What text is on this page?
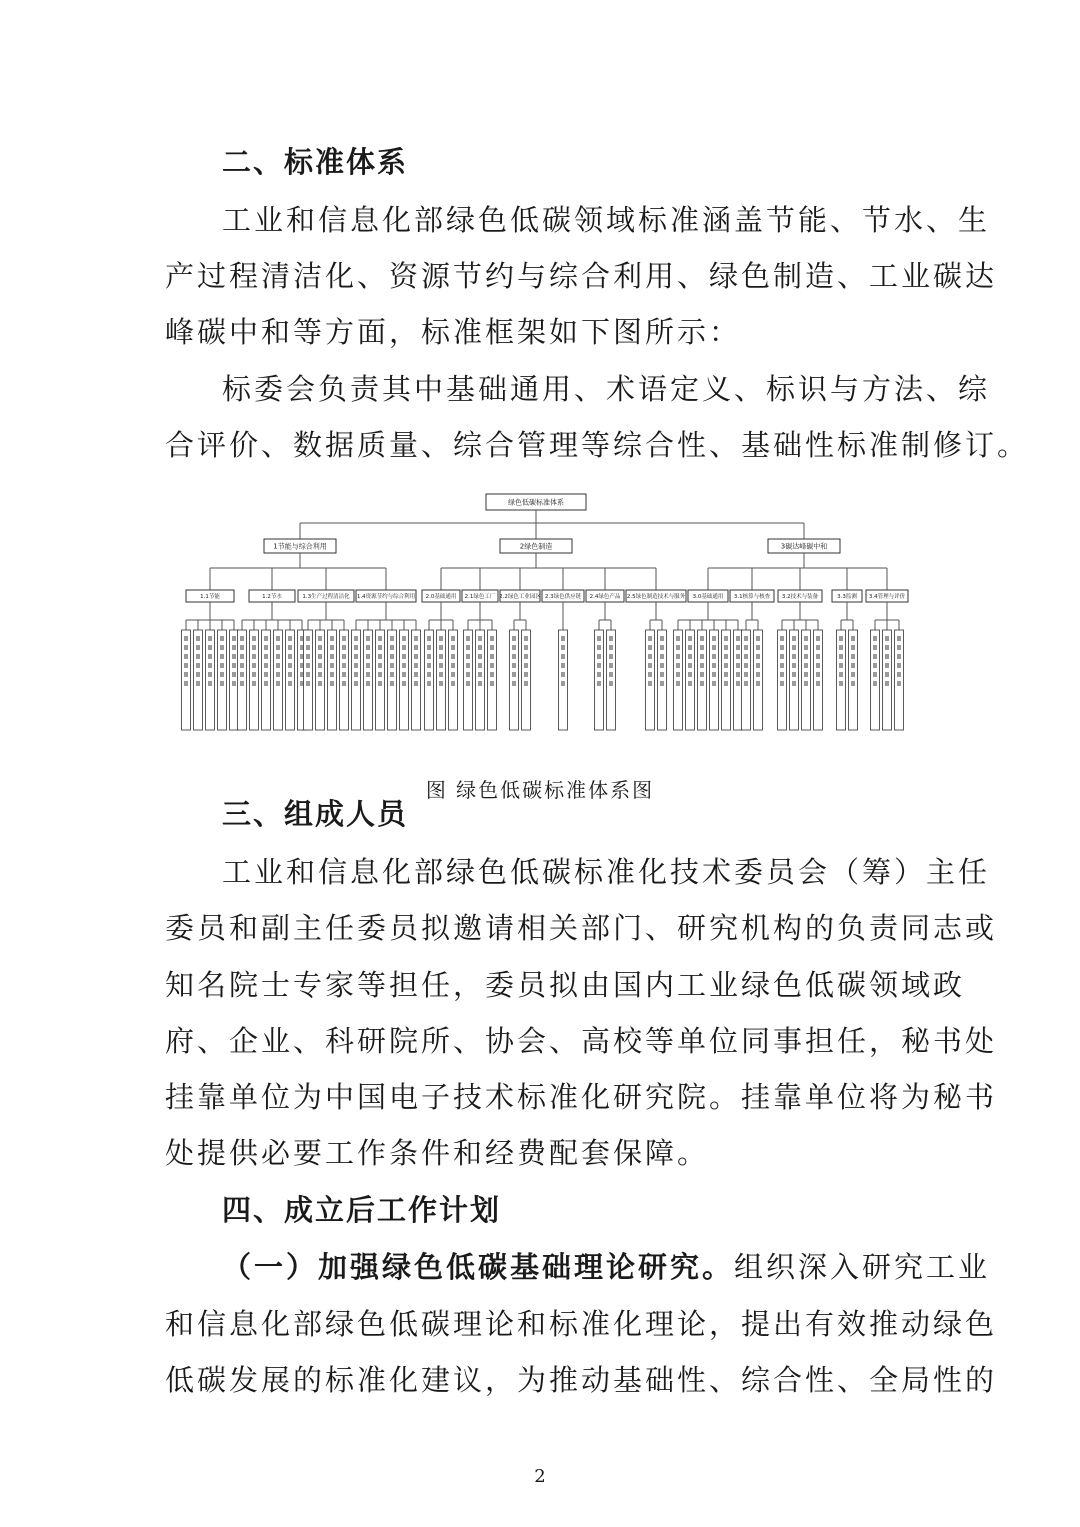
二、标准体系

工业和信息化部绿色低碳领域标准涵盖节能、节水、生

产过程清洁化、资源节约与综合利用、绿色制造、工业碳达

峰碳中和等方面，标准框架如下图所示：

标委会负责其中基础通用、术语定义、标识与方法、综

合评价、数据质量、综合管理等综合性、基础性标准制修订。

绿色低碳标准体系
1节能与综合利用	2绿色制造	3碳达峰碳中和
1.1节能	1.2节水	1.3生产过程清洁化 1.4资源节约与综合利用 2.0基础通用 2.1绿色工厂 2.2绿色工业园区 2.3绿色供应链 2.4绿色产品 2.5绿色制造技术与服务 3.0基础通用 3.1核算与核查 3.2技术与装备	3.3监测 3.4管理与评价

图 绿色低碳标准体系图

三、组成人员

工业和信息化部绿色低碳标准化技术委员会（筹）主任

委员和副主任委员拟邀请相关部门、研究机构的负责同志或

知名院士专家等担任，委员拟由国内工业绿色低碳领域政

府、企业、科研院所、协会、高校等单位同事担任，秘书处

挂靠单位为中国电子技术标准化研究院。挂靠单位将为秘书

处提供必要工作条件和经费配套保障。

四、成立后工作计划

（一）加强绿色低碳基础理论研究。组织深入研究工业

和信息化部绿色低碳理论和标准化理论，提出有效推动绿色

低碳发展的标准化建议，为推动基础性、综合性、全局性的

2
